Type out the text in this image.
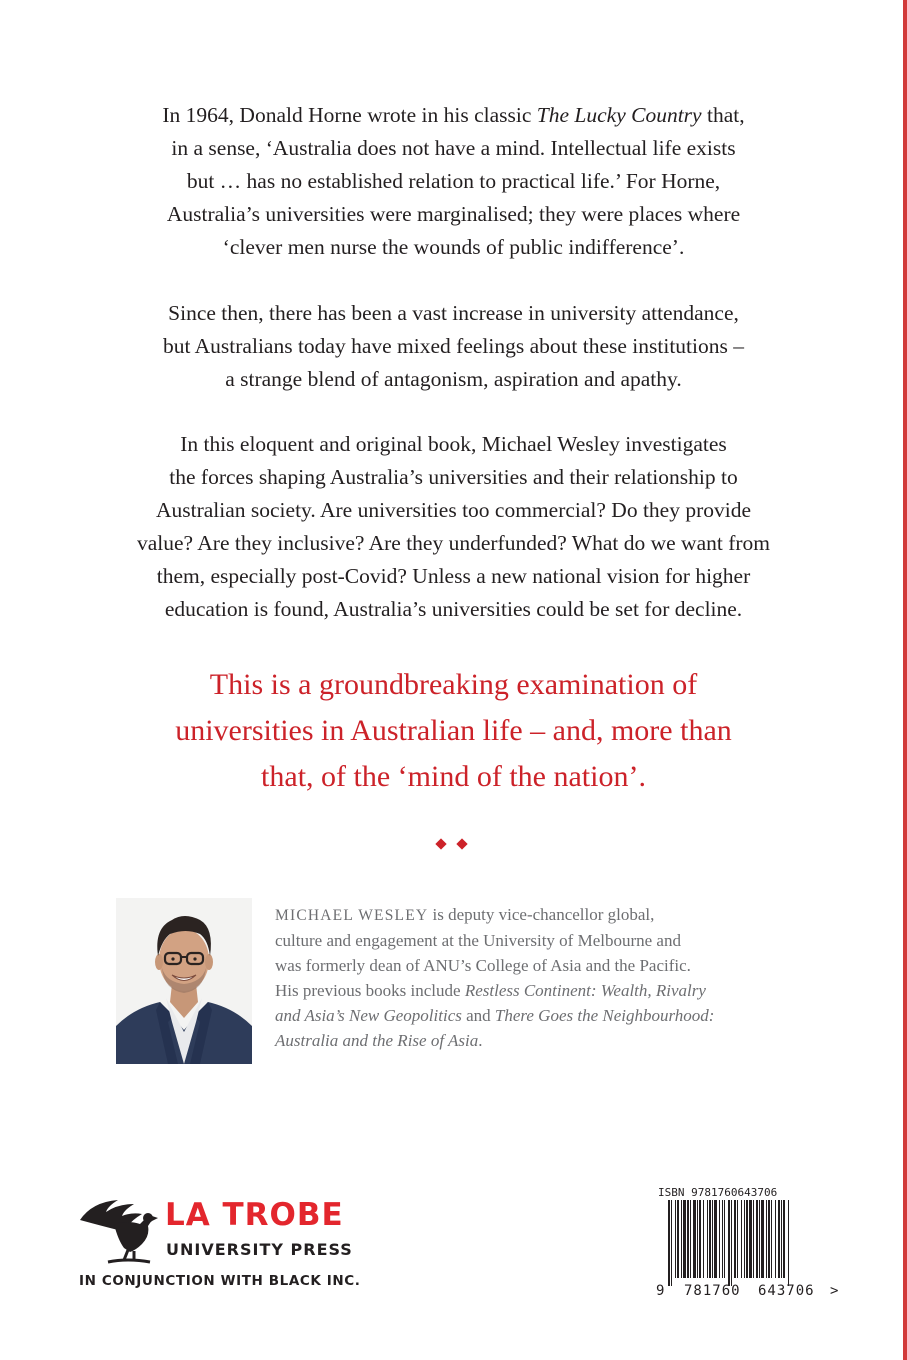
In 1964, Donald Horne wrote in his classic The Lucky Country that,
in a sense, ‘Australia does not have a mind. Intellectual life exists
but … has no established relation to practical life.’ For Horne,
Australia’s universities were marginalised; they were places where
‘clever men nurse the wounds of public indifference’.

Since then, there has been a vast increase in university attendance,
but Australians today have mixed feelings about these institutions –
a strange blend of antagonism, aspiration and apathy.

In this eloquent and original book, Michael Wesley investigates
the forces shaping Australia’s universities and their relationship to
Australian society. Are universities too commercial? Do they provide
value? Are they inclusive? Are they underfunded? What do we want from
them, especially post-Covid? Unless a new national vision for higher
education is found, Australia’s universities could be set for decline.

This is a groundbreaking examination of
universities in Australian life – and, more than
that, of the ‘mind of the nation’.

MICHAEL WESLEY is deputy vice-chancellor global,
culture and engagement at the University of Melbourne and
was formerly dean of ANU’s College of Asia and the Pacific.
His previous books include Restless Continent: Wealth, Rivalry
and Asia’s New Geopolitics and There Goes the Neighbourhood:
Australia and the Rise of Asia.

LA TROBE

UNIVERSITY PRESS

IN CONJUNCTION WITH BLACK INC.

ISBN 9781760643706

9 781760 643706 >
